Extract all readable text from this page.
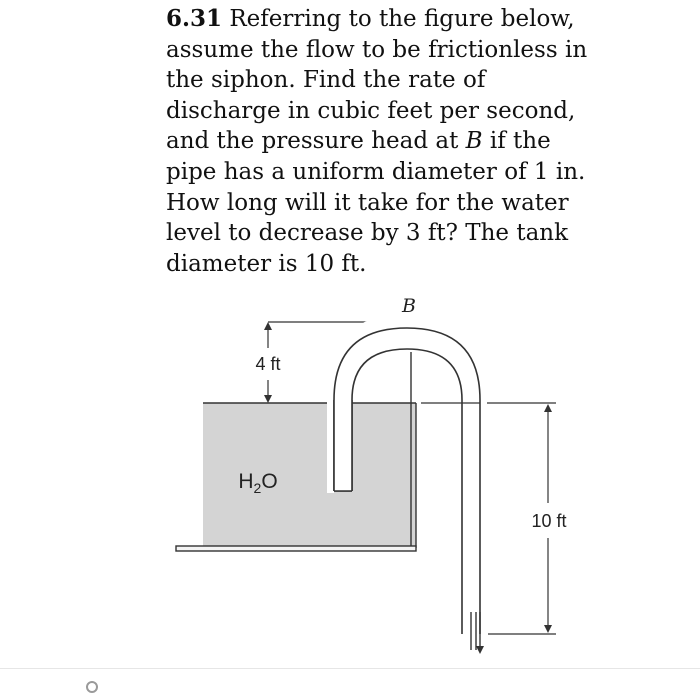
6.31 Referring to the figure below,
assume the flow to be frictionless in
the siphon. Find the rate of
discharge in cubic feet per second,
and the pressure head at B if the
pipe has a uniform diameter of 1 in.
How long will it take for the water
level to decrease by 3 ft? The tank
diameter is 10 ft.
B
4 ft
$H_2O$
10 ft
